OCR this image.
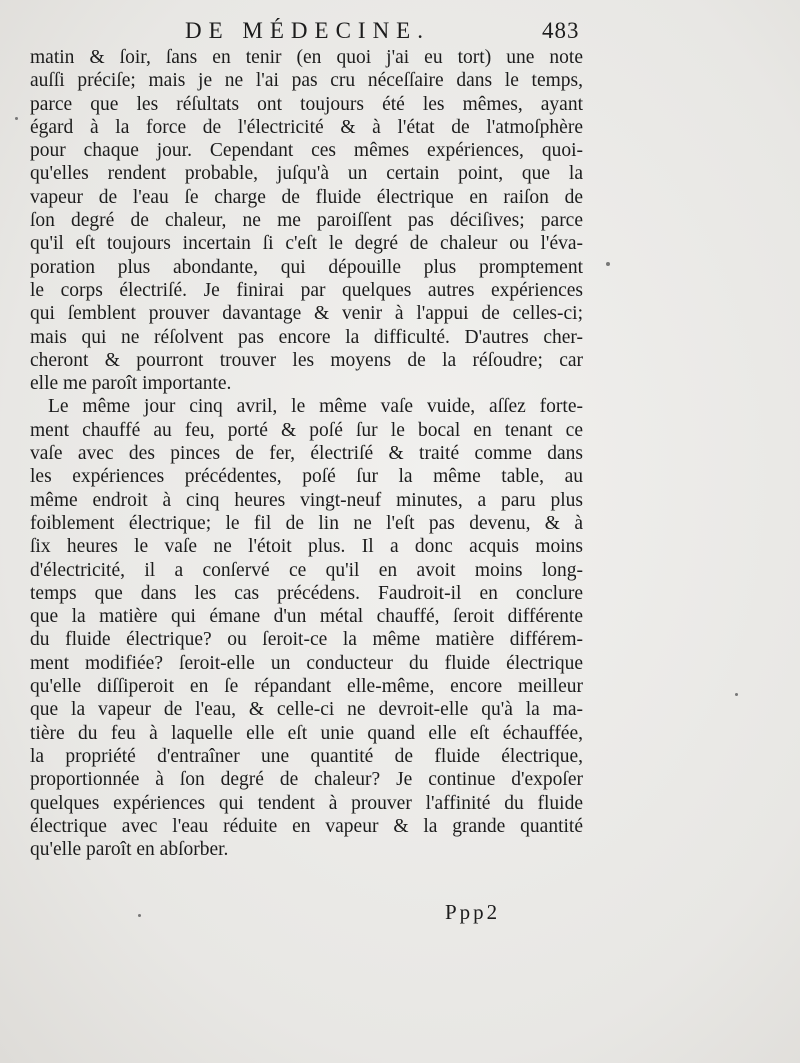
DE MÉDECINE.	483
matin & ſoir, ſans en tenir (en quoi j'ai eu tort) une note
auſſi préciſe; mais je ne l'ai pas cru néceſſaire dans le temps,
parce que les réſultats ont toujours été les mêmes, ayant
égard à la force de l'électricité & à l'état de l'atmoſphère
pour chaque jour. Cependant ces mêmes expériences, quoi-
qu'elles rendent probable, juſqu'à un certain point, que la
vapeur de l'eau ſe charge de fluide électrique en raiſon de
ſon degré de chaleur, ne me paroiſſent pas déciſives; parce
qu'il eſt toujours incertain ſi c'eſt le degré de chaleur ou l'éva-
poration plus abondante, qui dépouille plus promptement
le corps électriſé. Je finirai par quelques autres expériences
qui ſemblent prouver davantage & venir à l'appui de celles-ci;
mais qui ne réſolvent pas encore la difficulté. D'autres cher-
cheront & pourront trouver les moyens de la réſoudre; car
elle me paroît importante.
Le même jour cinq avril, le même vaſe vuide, aſſez forte-
ment chauffé au feu, porté & poſé ſur le bocal en tenant ce
vaſe avec des pinces de fer, électriſé & traité comme dans
les expériences précédentes, poſé ſur la même table, au
même endroit à cinq heures vingt-neuf minutes, a paru plus
foiblement électrique; le fil de lin ne l'eſt pas devenu, & à
ſix heures le vaſe ne l'étoit plus. Il a donc acquis moins
d'électricité, il a conſervé ce qu'il en avoit moins long-
temps que dans les cas précédens. Faudroit-il en conclure
que la matière qui émane d'un métal chauffé, ſeroit différente
du fluide électrique? ou ſeroit-ce la même matière différem-
ment modifiée? ſeroit-elle un conducteur du fluide électrique
qu'elle diſſiperoit en ſe répandant elle-même, encore meilleur
que la vapeur de l'eau, & celle-ci ne devroit-elle qu'à la ma-
tière du feu à laquelle elle eſt unie quand elle eſt échauffée,
la propriété d'entraîner une quantité de fluide électrique,
proportionnée à ſon degré de chaleur? Je continue d'expoſer
quelques expériences qui tendent à prouver l'affinité du fluide
électrique avec l'eau réduite en vapeur & la grande quantité
qu'elle paroît en abſorber.
Ppp2
